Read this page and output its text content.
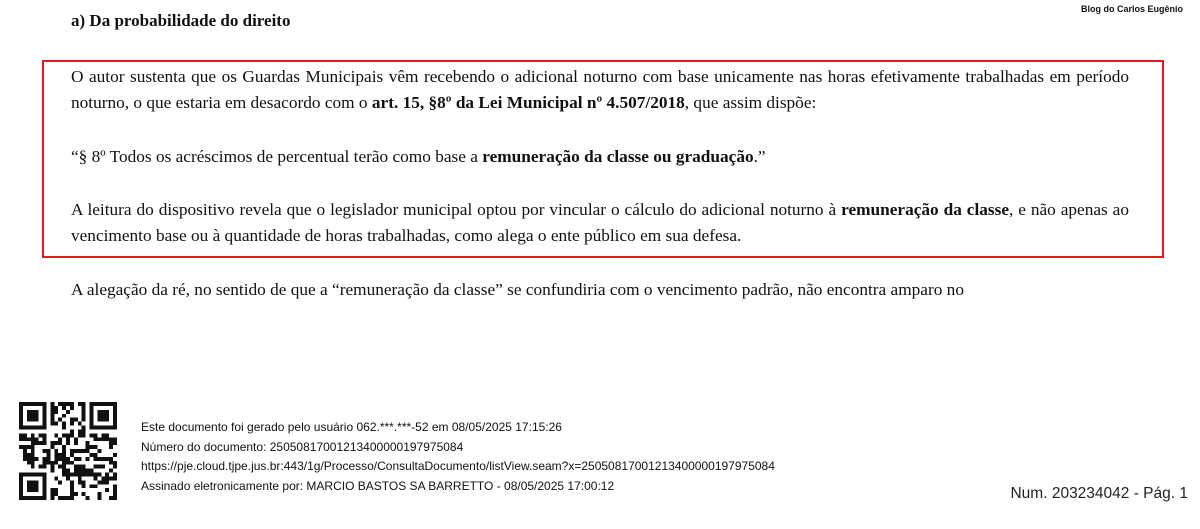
Blog do Carlos Eugênio
a) Da probabilidade do direito

O autor sustenta que os Guardas Municipais vêm recebendo o adicional noturno com base unicamente nas horas efetivamente trabalhadas em período noturno, o que estaria em desacordo com o art. 15, §8º da Lei Municipal nº 4.507/2018, que assim dispõe:

“§ 8º Todos os acréscimos de percentual terão como base a remuneração da classe ou graduação.”

A leitura do dispositivo revela que o legislador municipal optou por vincular o cálculo do adicional noturno à remuneração da classe, e não apenas ao vencimento base ou à quantidade de horas trabalhadas, como alega o ente público em sua defesa.

A alegação da ré, no sentido de que a “remuneração da classe” se confundiria com o vencimento padrão, não encontra amparo no

Este documento foi gerado pelo usuário 062.***.***-52 em 08/05/2025 17:15:26
Número do documento: 25050817001213400000197975084
https://pje.cloud.tjpe.jus.br:443/1g/Processo/ConsultaDocumento/listView.seam?x=25050817001213400000197975084
Assinado eletronicamente por: MARCIO BASTOS SA BARRETTO - 08/05/2025 17:00:12	Num. 203234042 - Pág. 1
